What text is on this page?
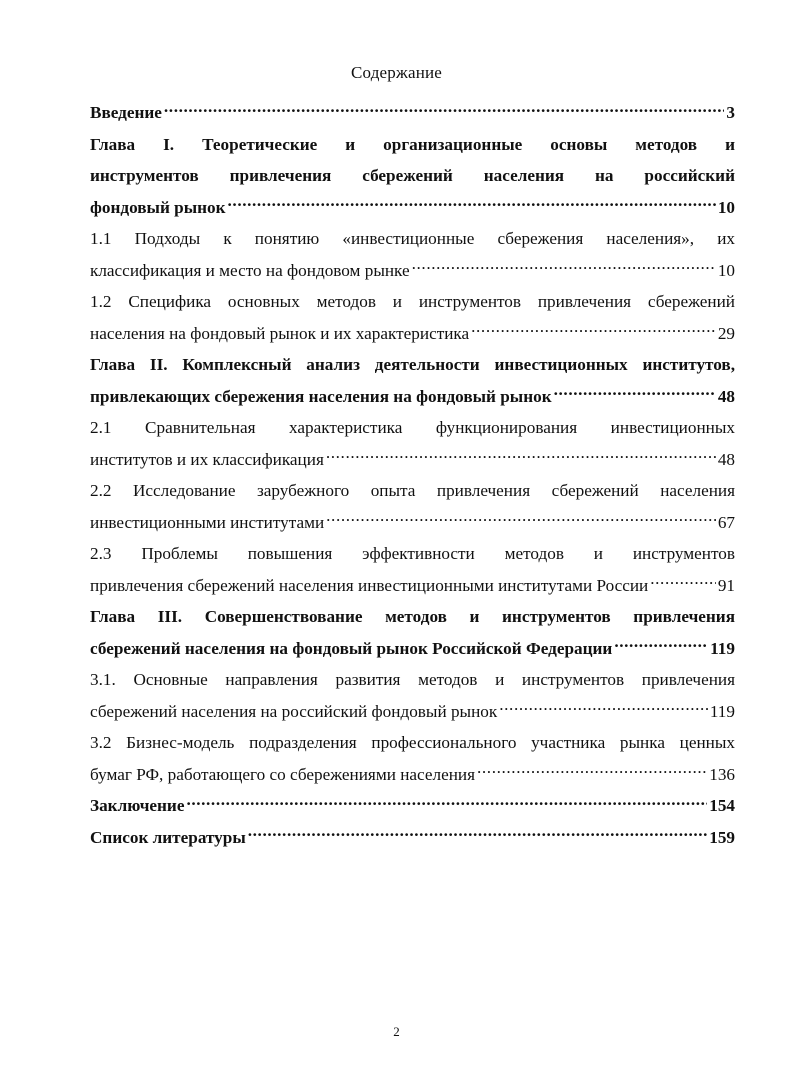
Содержание
Введение .....	3
Глава I. Теоретические и организационные основы методов и
инструментов привлечения сбережений населения на российский
фондовый рынок .....	10
1.1 Подходы к понятию «инвестиционные сбережения населения», их
классификация и место на фондовом рынке .....	10
1.2 Специфика основных методов и инструментов привлечения сбережений
населения на фондовый рынок и их характеристика .....	29
Глава II. Комплексный анализ деятельности инвестиционных институтов,
привлекающих сбережения населения на фондовый рынок .....	48
2.1 Сравнительная характеристика функционирования инвестиционных
институтов и их классификация .....	48
2.2 Исследование зарубежного опыта привлечения сбережений населения
инвестиционными институтами .....	67
2.3 Проблемы повышения эффективности методов и инструментов
привлечения сбережений населения инвестиционными институтами России .....	91
Глава III. Совершенствование методов и инструментов привлечения
сбережений населения на фондовый рынок Российской Федерации .....	119
3.1. Основные направления развития методов и инструментов привлечения
сбережений населения на российский фондовый рынок .....	119
3.2 Бизнес-модель подразделения профессионального участника рынка ценных
бумаг РФ, работающего со сбережениями населения .....	136
Заключение .....	154
Список литературы .....	159
2
